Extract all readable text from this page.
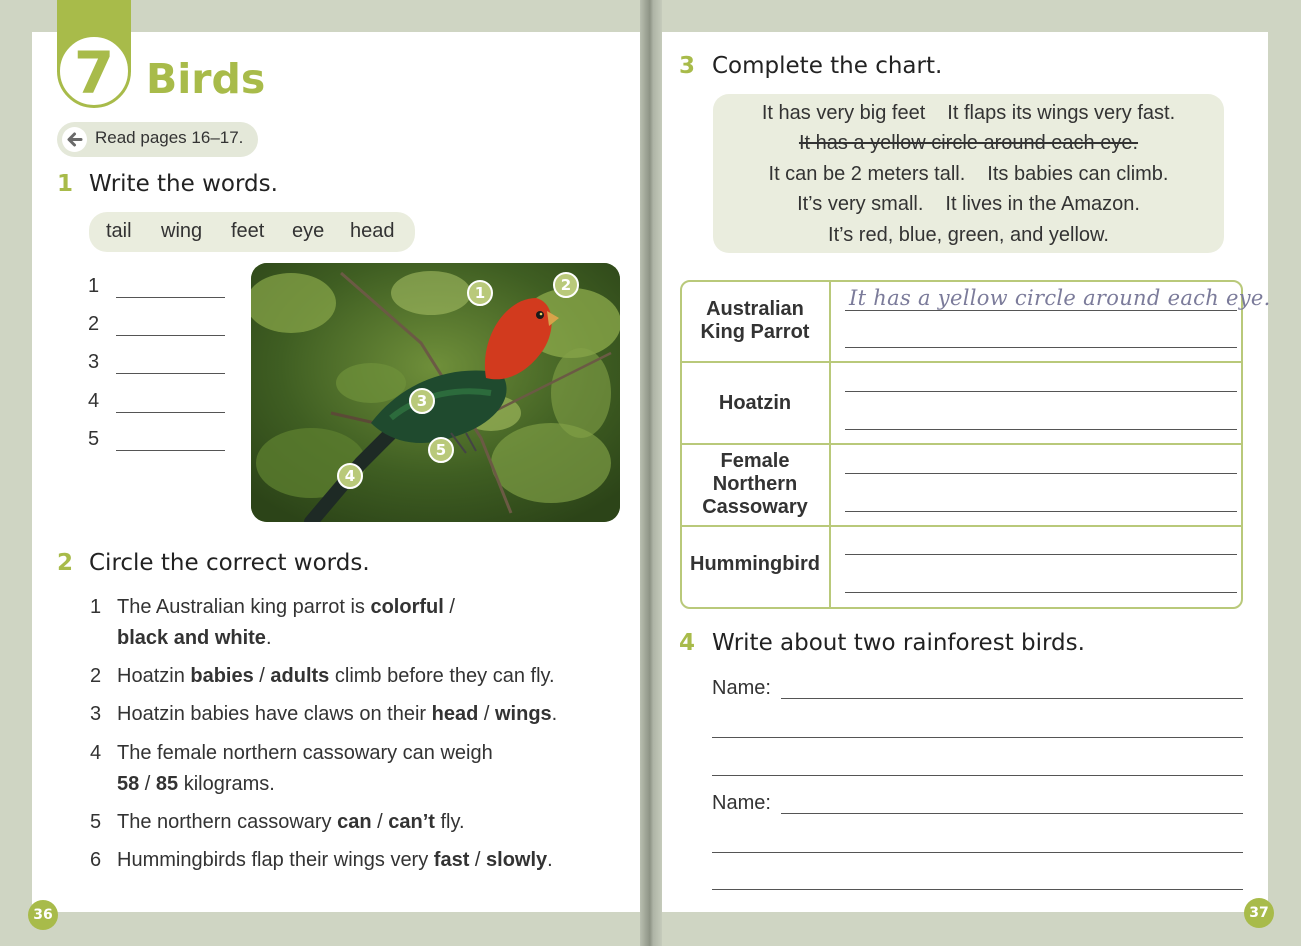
7 Birds
Read pages 16–17.
1 Write the words.
tail wing feet eye head
1
2
3
4
5
1	2
3
4
5
2 Circle the correct words.
1 The Australian king parrot is colorful /
black and white.
2 Hoatzin babies / adults climb before they can fly.
3 Hoatzin babies have claws on their head / wings.
4 The female northern cassowary can weigh
58 / 85 kilograms.
5 The northern cassowary can / can’t fly.
6 Hummingbirds flap their wings very fast / slowly.
36
3 Complete the chart.
It has very big feet It flaps its wings very fast.
It has a yellow circle around each eye.
It can be 2 meters tall. Its babies can climb.
It’s very small. It lives in the Amazon.
It’s red, blue, green, and yellow.
Australian
King Parrot
Hoatzin
Female
Northern
Cassowary
Hummingbird
It has a yellow circle around each eye.
4 Write about two rainforest birds.
Name:
Name:
37
